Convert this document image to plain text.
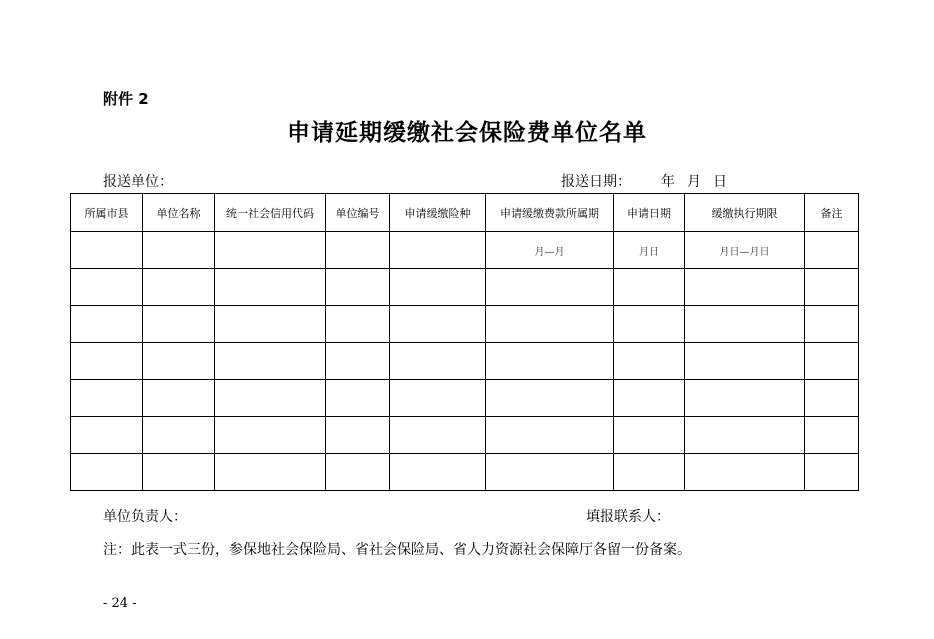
附件 2
申请延期缓缴社会保险费单位名单
报送单位：	报送日期： 年 月 日
所属市县	单位名称	统一社会信用代码	单位编号	申请缓缴险种	申请缓缴费款所属期	申请日期	缓缴执行期限	备注
					月—月	月日	月日—月日	

单位负责人：	填报联系人：
注：此表一式三份，参保地社会保险局、省社会保险局、省人力资源社会保障厅各留一份备案。
- 24 -
